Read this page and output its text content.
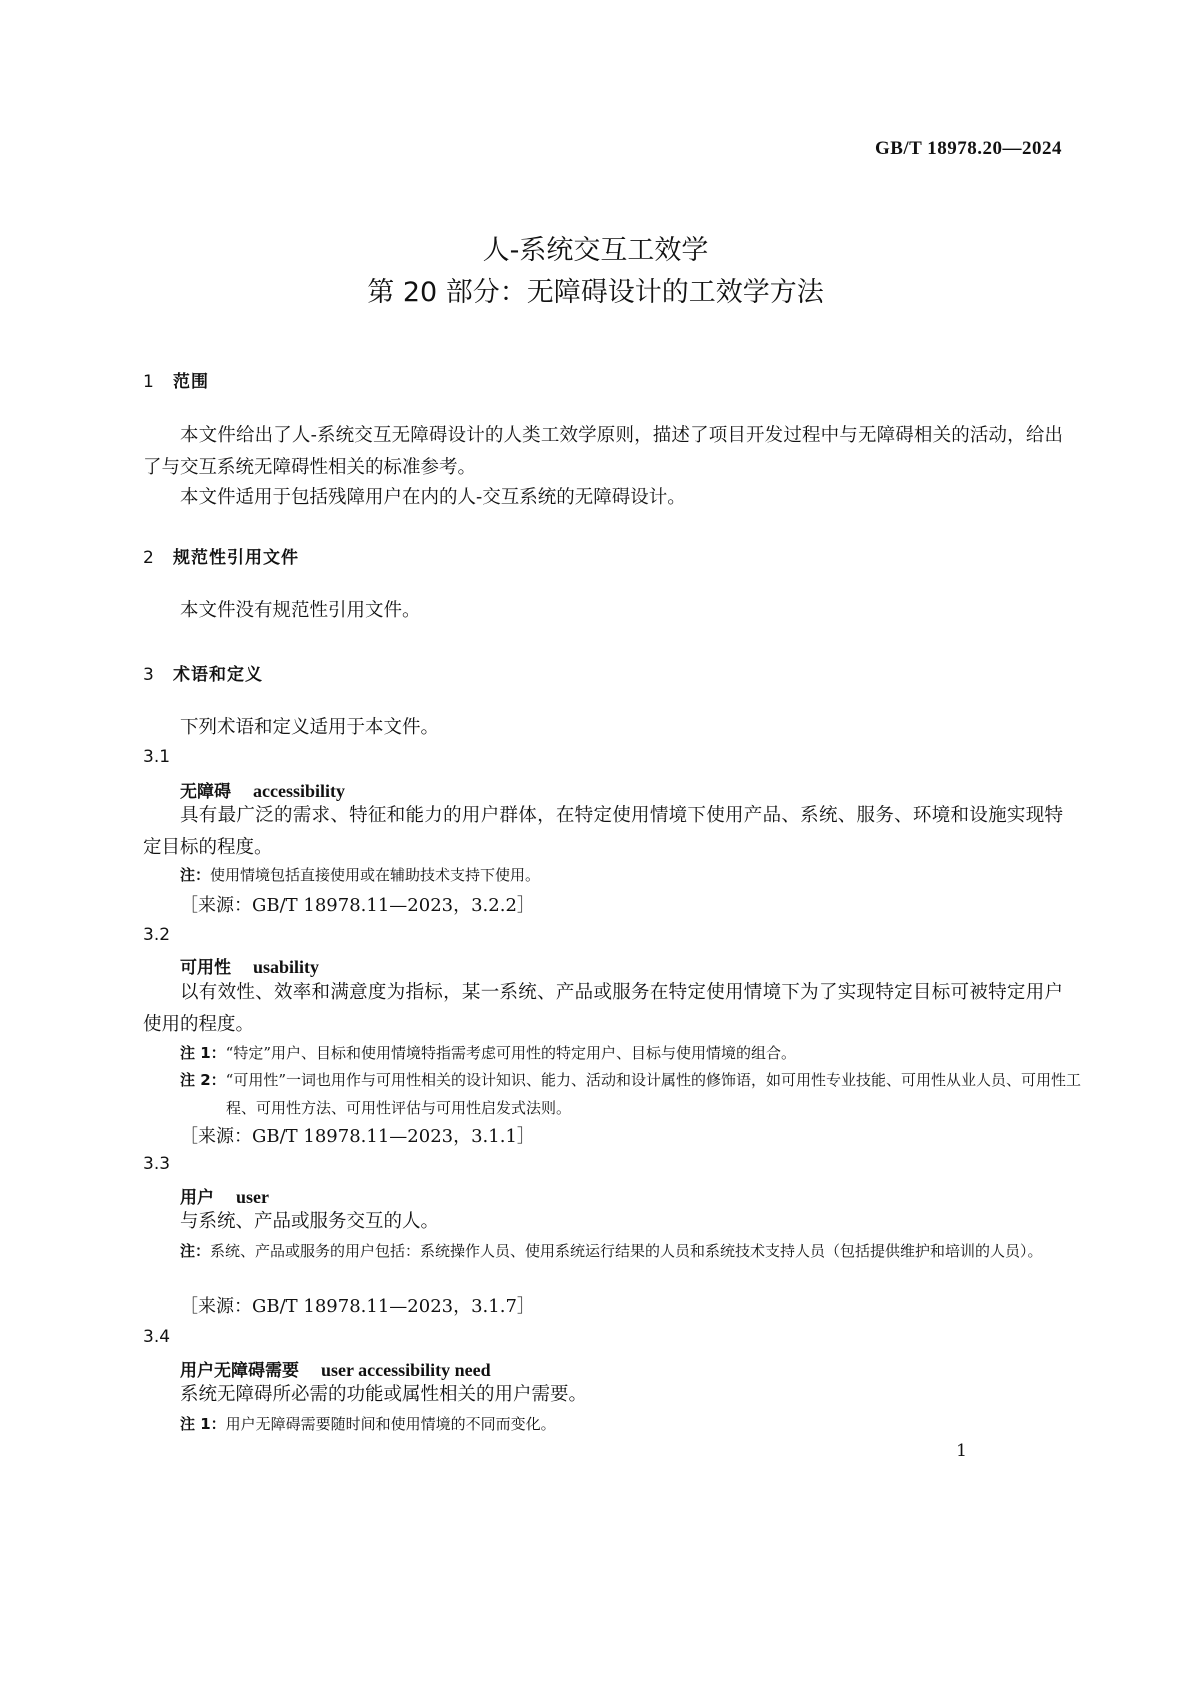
GB/T 18978.20—2024
人-系统交互工效学
第 20 部分：无障碍设计的工效学方法
1 范围
本文件给出了人-系统交互无障碍设计的人类工效学原则，描述了项目开发过程中与无障碍相关的活动，给出了与交互系统无障碍性相关的标准参考。
本文件适用于包括残障用户在内的人-交互系统的无障碍设计。
2 规范性引用文件
本文件没有规范性引用文件。
3 术语和定义
下列术语和定义适用于本文件。
3.1
无障碍 accessibility
具有最广泛的需求、特征和能力的用户群体，在特定使用情境下使用产品、系统、服务、环境和设施实现特定目标的程度。
注：使用情境包括直接使用或在辅助技术支持下使用。
［来源：GB/T 18978.11—2023，3.2.2］
3.2
可用性 usability
以有效性、效率和满意度为指标，某一系统、产品或服务在特定使用情境下为了实现特定目标可被特定用户使用的程度。
注 1：“特定”用户、目标和使用情境特指需考虑可用性的特定用户、目标与使用情境的组合。
注 2：“可用性”一词也用作与可用性相关的设计知识、能力、活动和设计属性的修饰语，如可用性专业技能、可用性从业人员、可用性工程、可用性方法、可用性评估与可用性启发式法则。
［来源：GB/T 18978.11—2023，3.1.1］
3.3
用户 user
与系统、产品或服务交互的人。
注：系统、产品或服务的用户包括：系统操作人员、使用系统运行结果的人员和系统技术支持人员（包括提供维护和培训的人员）。
［来源：GB/T 18978.11—2023，3.1.7］
3.4
用户无障碍需要 user accessibility need
系统无障碍所必需的功能或属性相关的用户需要。
注 1：用户无障碍需要随时间和使用情境的不同而变化。
1
